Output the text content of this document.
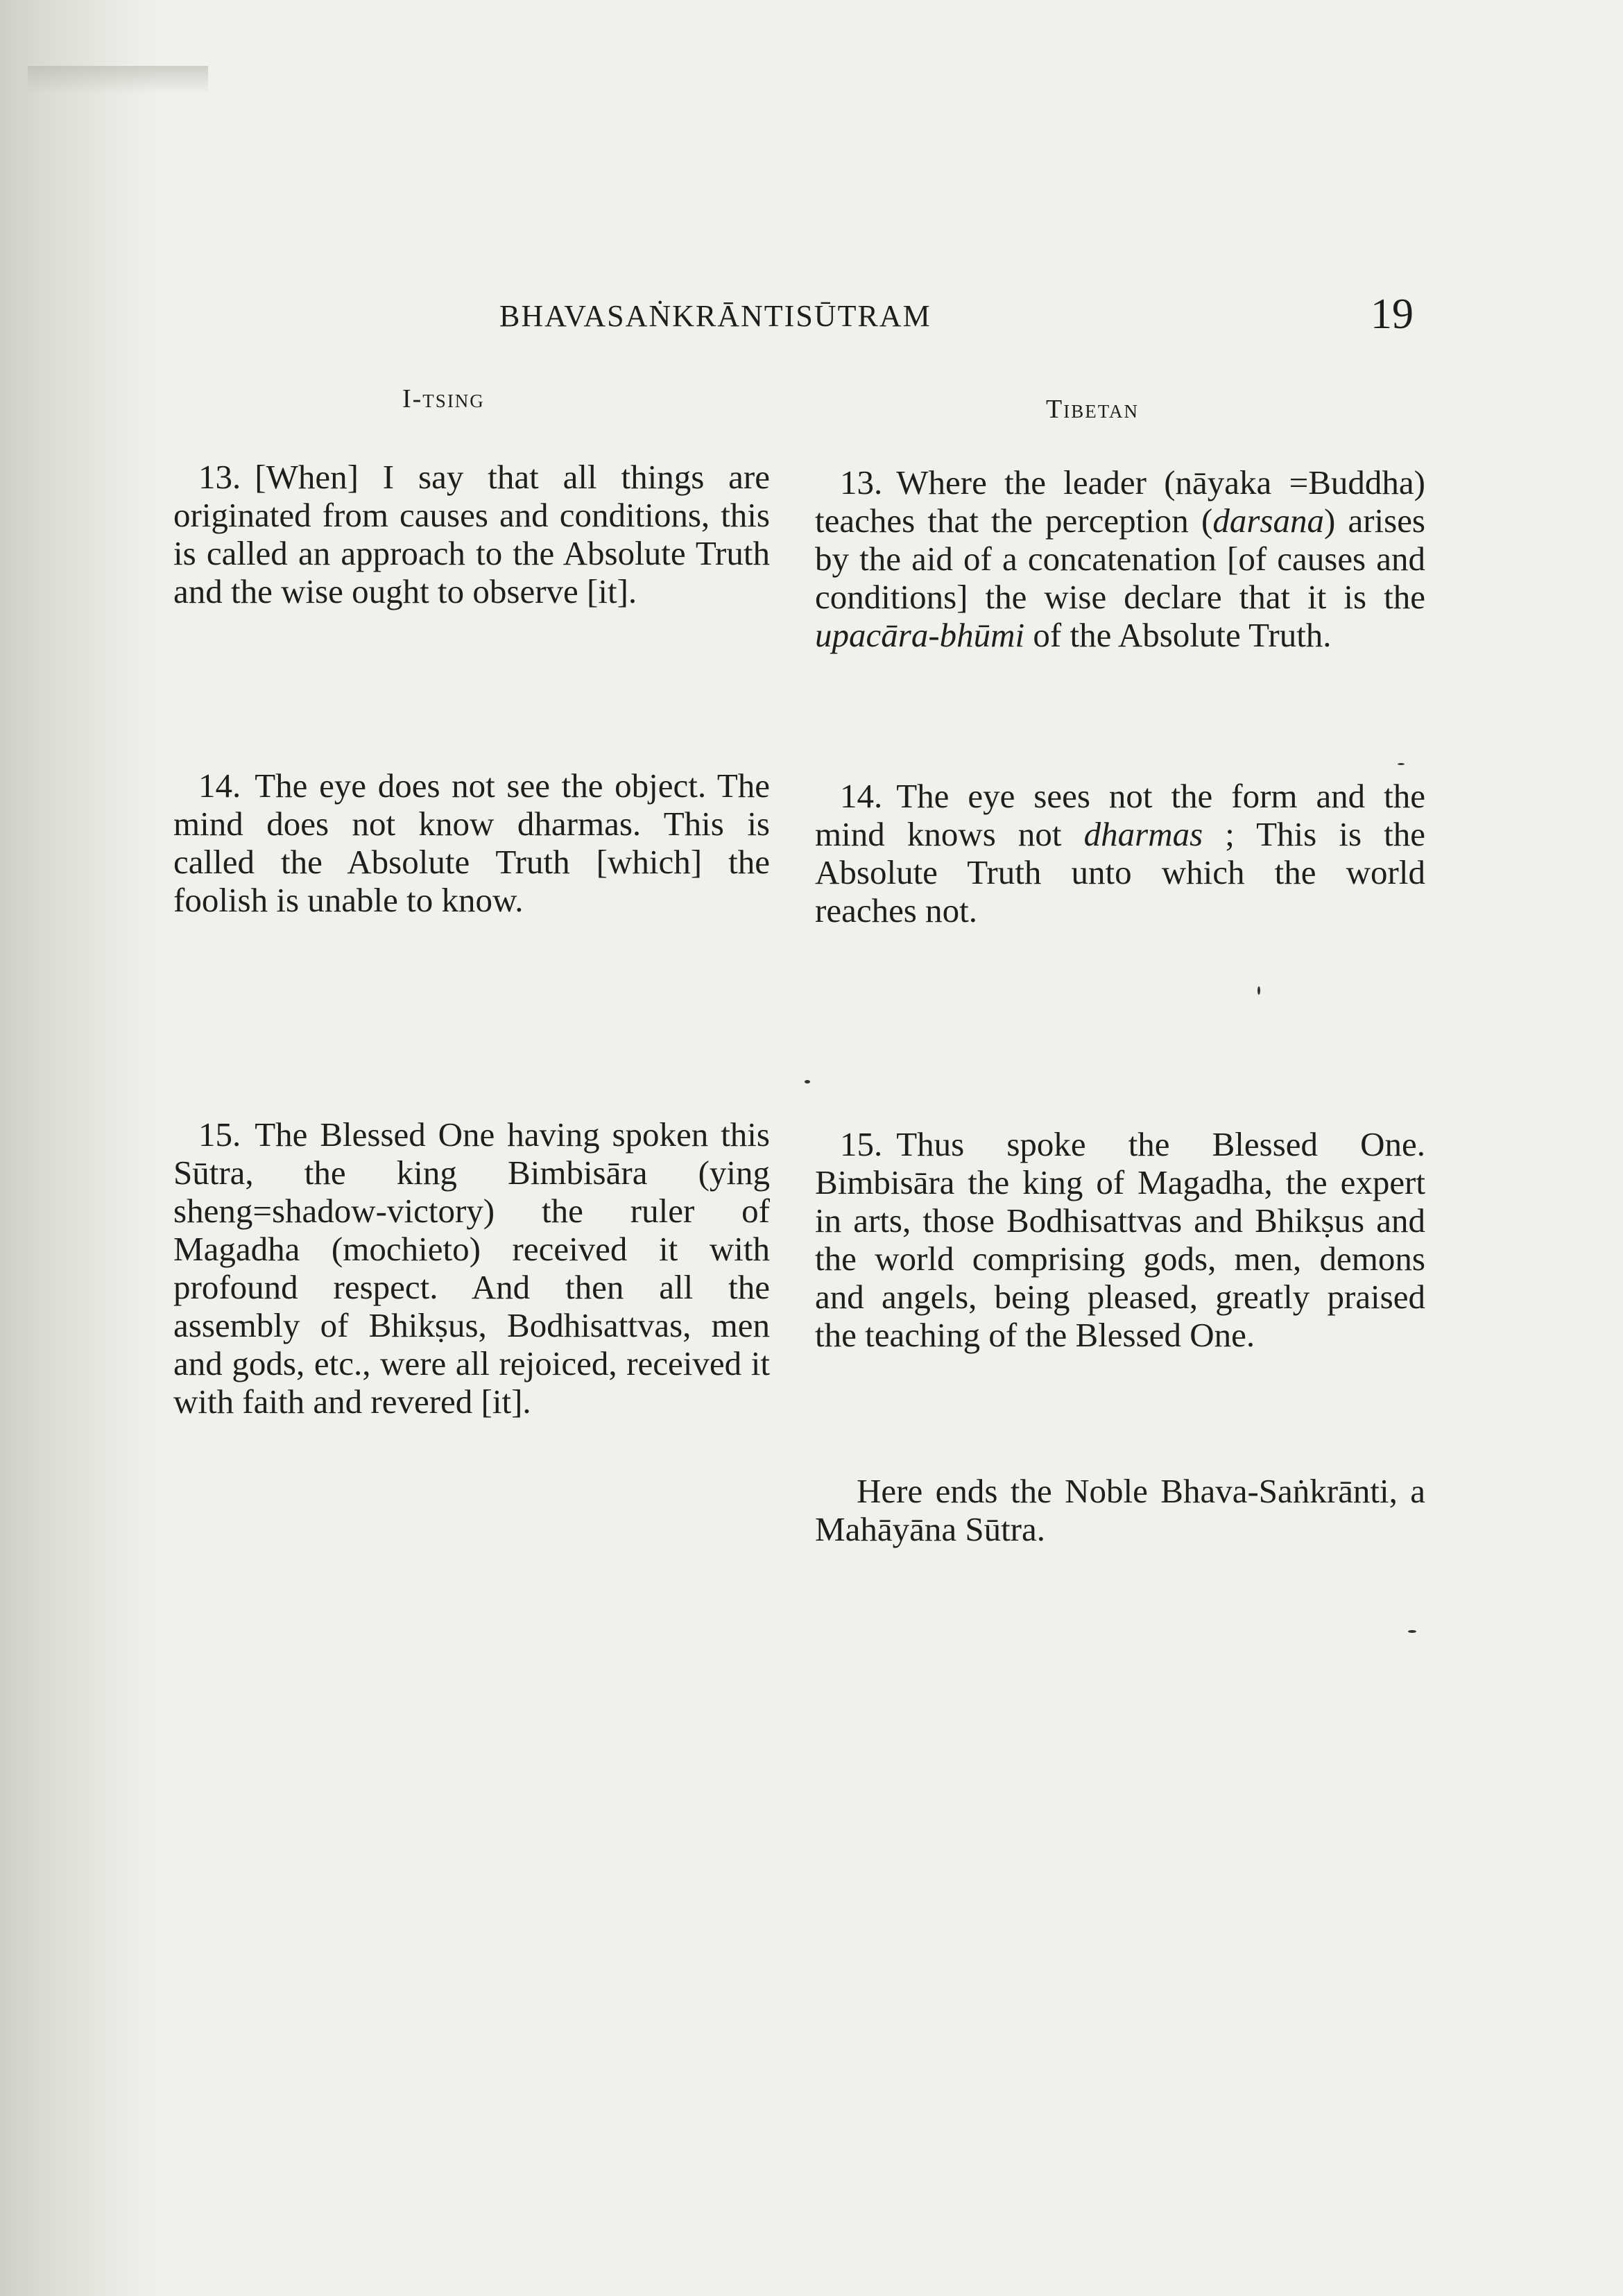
BHAVASAṄKRĀNTISŪTRAM	19
I-tsing	Tibetan
13. [When] I say that all things are originated from causes and conditions, this is called an approach to the Absolute Truth and the wise ought to observe [it].
14. The eye does not see the object. The mind does not know dharmas. This is called the Absolute Truth [which] the foolish is unable to know.
15. The Blessed One having spoken this Sūtra, the king Bimbisāra (ying sheng=shadow-victory) the ruler of Magadha (mochieto) received it with profound respect. And then all the assembly of Bhikṣus, Bodhisattvas, men and gods, etc., were all rejoiced, received it with faith and revered [it].
13. Where the leader (nāyaka =Buddha) teaches that the perception (darsana) arises by the aid of a concatenation [of causes and conditions] the wise declare that it is the upacāra-bhūmi of the Absolute Truth.
14. The eye sees not the form and the mind knows not dharmas ; This is the Absolute Truth unto which the world reaches not.
15. Thus spoke the Blessed One. Bimbisāra the king of Magadha, the expert in arts, those Bodhisattvas and Bhikṣus and the world comprising gods, men, demons and angels, being pleased, greatly praised the teaching of the Blessed One.
Here ends the Noble Bhava-Saṅkrānti, a Mahāyāna Sūtra.
